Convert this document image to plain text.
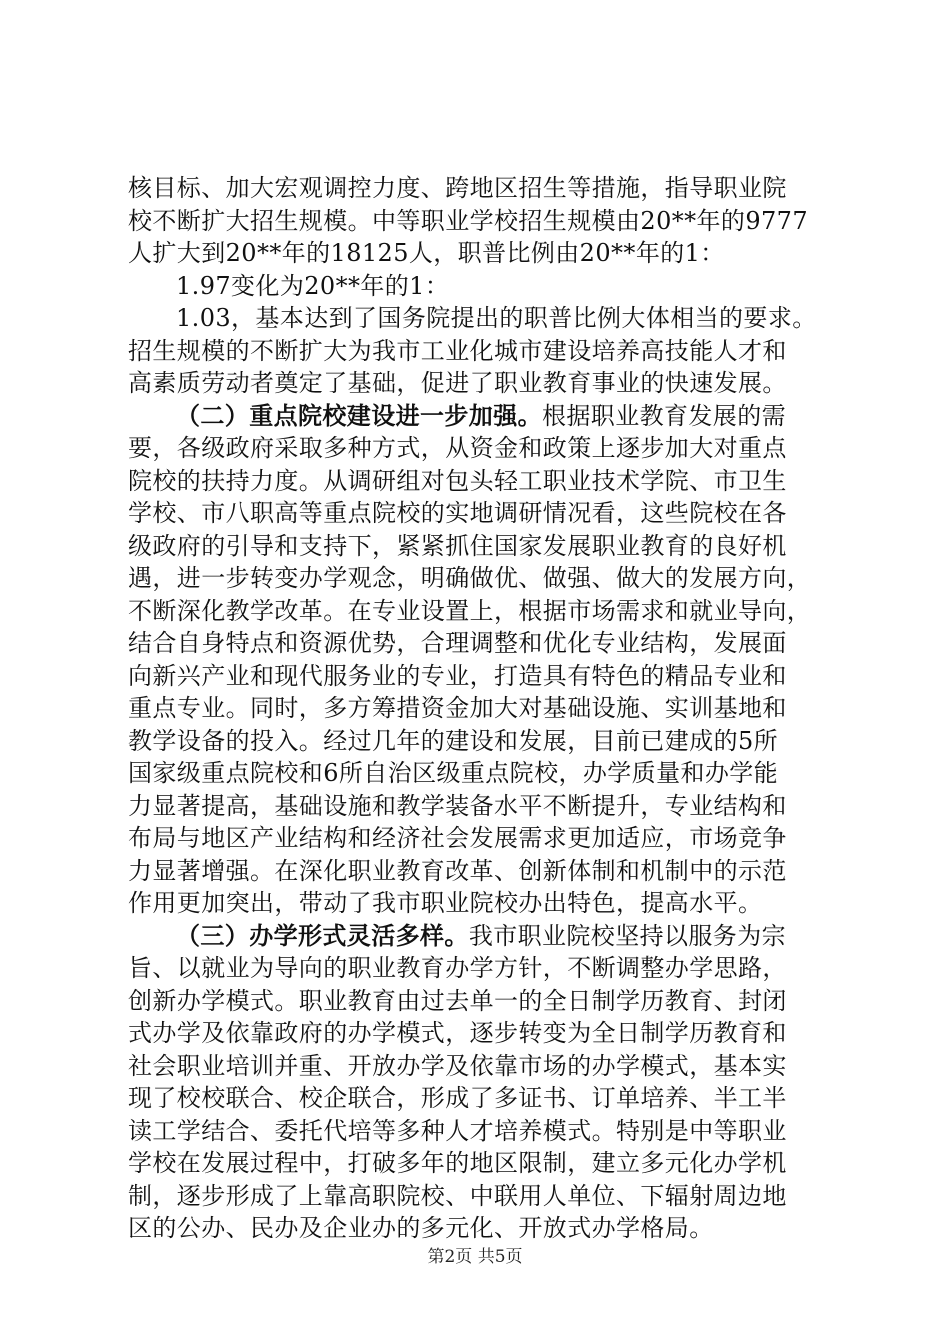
核目标、加大宏观调控力度、跨地区招生等措施，指导职业院
校不断扩大招生规模。中等职业学校招生规模由20**年的9777
人扩大到20**年的18125人，职普比例由20**年的1：
1.97变化为20**年的1：
1.03，基本达到了国务院提出的职普比例大体相当的要求。
招生规模的不断扩大为我市工业化城市建设培养高技能人才和
高素质劳动者奠定了基础，促进了职业教育事业的快速发展。
（二）重点院校建设进一步加强。根据职业教育发展的需
要，各级政府采取多种方式，从资金和政策上逐步加大对重点
院校的扶持力度。从调研组对包头轻工职业技术学院、市卫生
学校、市八职高等重点院校的实地调研情况看，这些院校在各
级政府的引导和支持下，紧紧抓住国家发展职业教育的良好机
遇，进一步转变办学观念，明确做优、做强、做大的发展方向，
不断深化教学改革。在专业设置上，根据市场需求和就业导向，
结合自身特点和资源优势，合理调整和优化专业结构，发展面
向新兴产业和现代服务业的专业，打造具有特色的精品专业和
重点专业。同时，多方筹措资金加大对基础设施、实训基地和
教学设备的投入。经过几年的建设和发展，目前已建成的5所
国家级重点院校和6所自治区级重点院校，办学质量和办学能
力显著提高，基础设施和教学装备水平不断提升，专业结构和
布局与地区产业结构和经济社会发展需求更加适应，市场竞争
力显著增强。在深化职业教育改革、创新体制和机制中的示范
作用更加突出，带动了我市职业院校办出特色，提高水平。
（三）办学形式灵活多样。我市职业院校坚持以服务为宗
旨、以就业为导向的职业教育办学方针，不断调整办学思路，
创新办学模式。职业教育由过去单一的全日制学历教育、封闭
式办学及依靠政府的办学模式，逐步转变为全日制学历教育和
社会职业培训并重、开放办学及依靠市场的办学模式，基本实
现了校校联合、校企联合，形成了多证书、订单培养、半工半
读工学结合、委托代培等多种人才培养模式。特别是中等职业
学校在发展过程中，打破多年的地区限制，建立多元化办学机
制，逐步形成了上靠高职院校、中联用人单位、下辐射周边地
区的公办、民办及企业办的多元化、开放式办学格局。
第2页 共5页
